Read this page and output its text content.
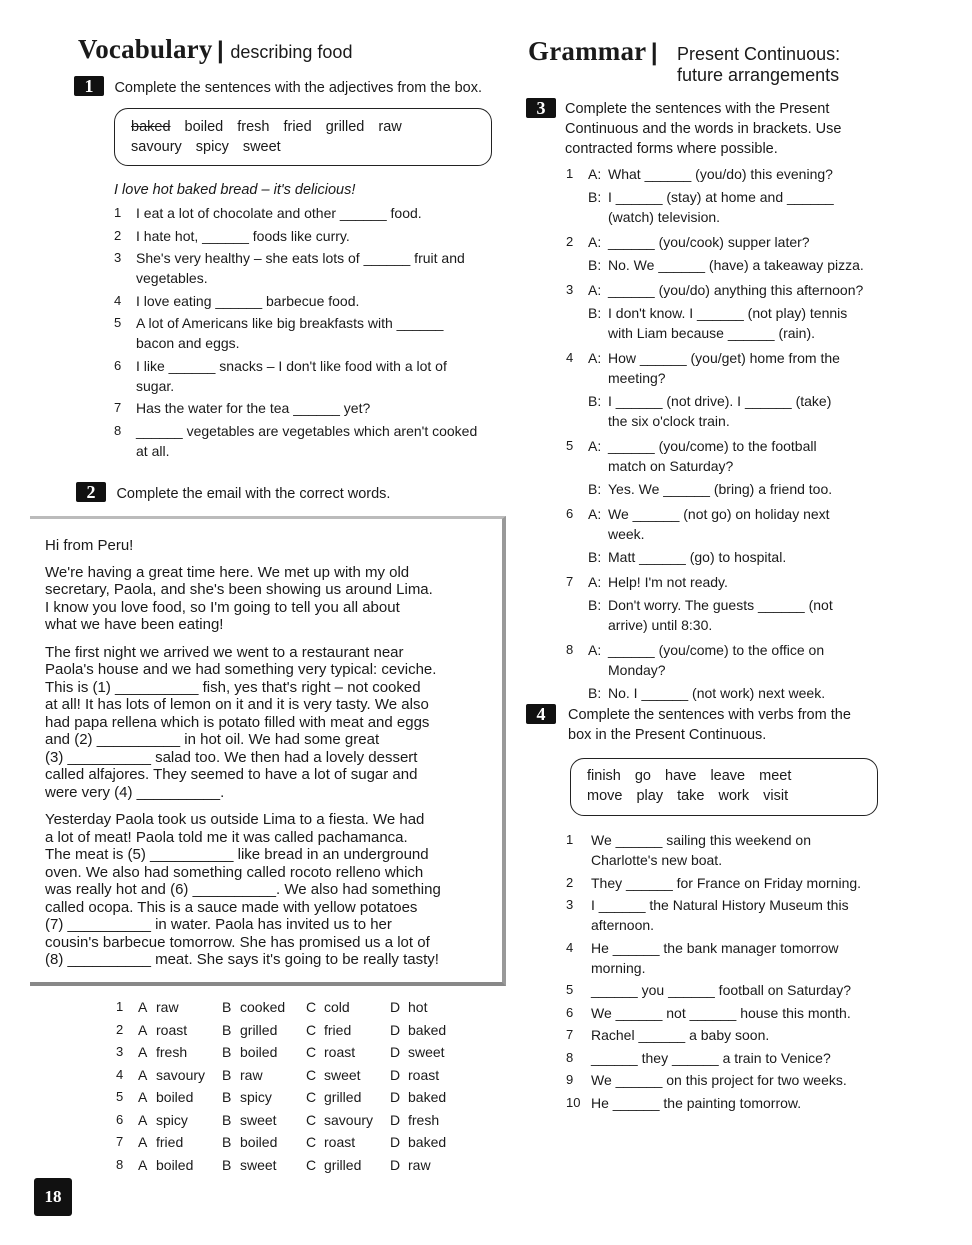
Vocabulary | describing food
1 Complete the sentences with the adjectives from the box.
baked boiled fresh fried grilled raw
savoury spicy sweet
I love hot baked bread – it's delicious!
1 I eat a lot of chocolate and other ______ food.
2 I hate hot, ______ foods like curry.
3 She's very healthy – she eats lots of ______ fruit and
vegetables.
4 I love eating ______ barbecue food.
5 A lot of Americans like big breakfasts with ______
bacon and eggs.
6 I like ______ snacks – I don't like food with a lot of
sugar.
7 Has the water for the tea ______ yet?
8 ______ vegetables are vegetables which aren't cooked
at all.
2 Complete the email with the correct words.

Hi from Peru!

We're having a great time here. We met up with my old
secretary, Paola, and she's been showing us around Lima.
I know you love food, so I'm going to tell you all about
what we have been eating!

The first night we arrived we went to a restaurant near
Paola's house and we had something very typical: ceviche.
This is (1) __________ fish, yes that's right – not cooked
at all! It has lots of lemon on it and it is very tasty. We also
had papa rellena which is potato filled with meat and eggs
and (2) __________ in hot oil. We had some great
(3) __________ salad too. We then had a lovely dessert
called alfajores. They seemed to have a lot of sugar and
were very (4) __________.

Yesterday Paola took us outside Lima to a fiesta. We had
a lot of meat! Paola told me it was called pachamanca.
The meat is (5) __________ like bread in an underground
oven. We also had something called rocoto relleno which
was really hot and (6) __________. We also had something
called ocopa. This is a sauce made with yellow potatoes
(7) __________ in water. Paola has invited us to her
cousin's barbecue tomorrow. She has promised us a lot of
(8) __________ meat. She says it's going to be really tasty!

1 A raw	B cooked C cold	D hot
2 A roast B grilled C fried	D baked
3 A fresh B boiled C roast D sweet
4 A savoury B raw	C sweet D roast
5 A boiled B spicy C grilled D baked
6 A spicy B sweet C savoury D fresh
7 A fried	B boiled C roast D baked
8 A boiled B sweet C grilled D raw
18
Grammar | Present Continuous:
future arrangements
3	Complete the sentences with the Present
Continuous and the words in brackets. Use
contracted forms where possible.
1 A: What ______ (you/do) this evening?
B: I ______ (stay) at home and ______
(watch) television.
2 A: ______ (you/cook) supper later?
B: No. We ______ (have) a takeaway pizza.
3 A: ______ (you/do) anything this afternoon?
B: I don't know. I ______ (not play) tennis
with Liam because ______ (rain).
4 A: How ______ (you/get) home from the
meeting?
B: I ______ (not drive). I ______ (take)
the six o'clock train.
5 A: ______ (you/come) to the football
match on Saturday?
B: Yes. We ______ (bring) a friend too.
6 A: We ______ (not go) on holiday next
week.
B: Matt ______ (go) to hospital.
7 A: Help! I'm not ready.
B: Don't worry. The guests ______ (not
arrive) until 8:30.
8 A: ______ (you/come) to the office on
Monday?
B: No. I ______ (not work) next week.
4	Complete the sentences with verbs from the
box in the Present Continuous.
finish go have leave meet
move play take work visit
1 We ______ sailing this weekend on
Charlotte's new boat.
2 They ______ for France on Friday morning.
3 I ______ the Natural History Museum this
afternoon.
4 He ______ the bank manager tomorrow
morning.
5 ______ you ______ football on Saturday?
6 We ______ not ______ house this month.
7 Rachel ______ a baby soon.
8 ______ they ______ a train to Venice?
9 We ______ on this project for two weeks.
10 He ______ the painting tomorrow.
